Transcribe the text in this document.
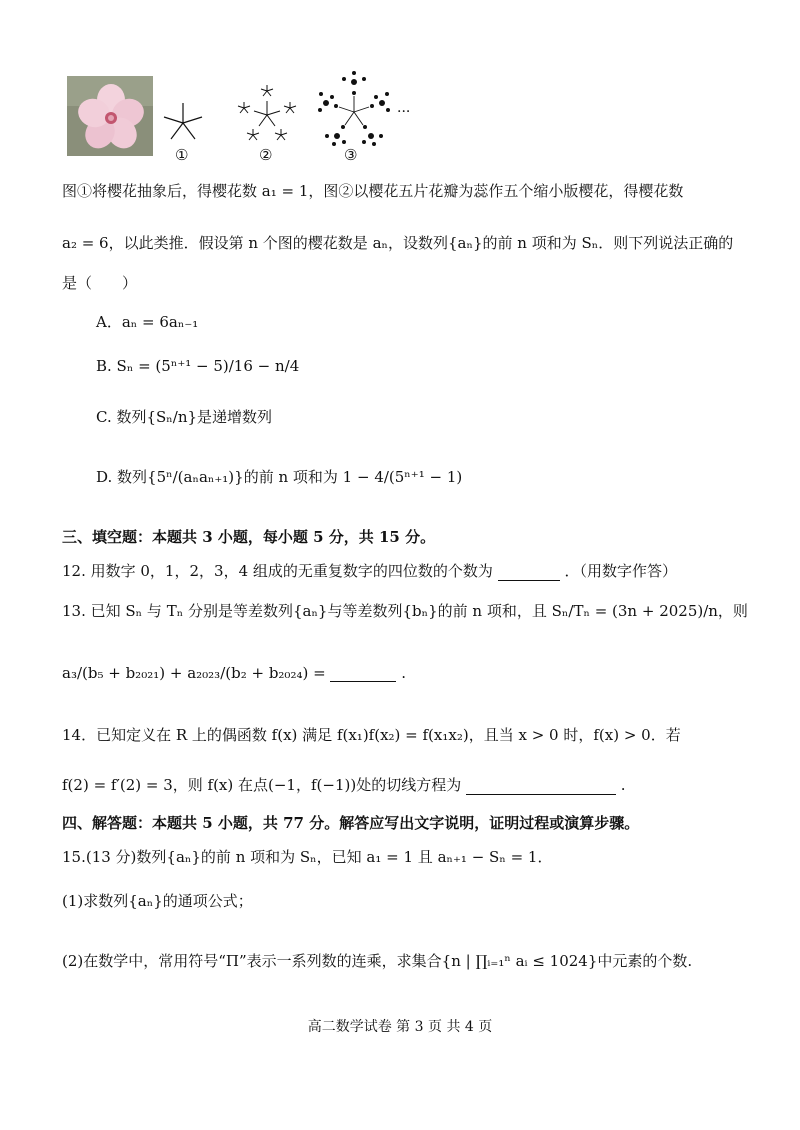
①	②	③
···
图①将樱花抽象后，得樱花数 a₁ = 1，图②以樱花五片花瓣为蕊作五个缩小版樱花，得樱花数
a₂ = 6，以此类推．假设第 n 个图的樱花数是 aₙ，设数列{aₙ}的前 n 项和为 Sₙ．则下列说法正确的
是（　　）
A．aₙ = 6aₙ₋₁
B. Sₙ = (5ⁿ⁺¹ − 5)/16 − n/4
C. 数列{Sₙ/n}是递增数列
D. 数列{5ⁿ/(aₙaₙ₊₁)}的前 n 项和为 1 − 4/(5ⁿ⁺¹ − 1)
三、填空题：本题共 3 小题，每小题 5 分，共 15 分。
12. 用数字 0，1，2，3，4 组成的无重复数字的四位数的个数为	．（用数字作答）
13. 已知 Sₙ 与 Tₙ 分别是等差数列{aₙ}与等差数列{bₙ}的前 n 项和，且 Sₙ/Tₙ = (3n + 2025)/n，则
a₃/(b₅ + b₂₀₂₁) + a₂₀₂₃/(b₂ + b₂₀₂₄) =	.
14．已知定义在 R 上的偶函数 f(x) 满足 f(x₁)f(x₂) = f(x₁x₂)，且当 x > 0 时，f(x) > 0．若
f(2) = f′(2) = 3，则 f(x) 在点(−1，f(−1))处的切线方程为	.
四、解答题：本题共 5 小题，共 77 分。解答应写出文字说明，证明过程或演算步骤。
15.(13 分)数列{aₙ}的前 n 项和为 Sₙ，已知 a₁ = 1 且 aₙ₊₁ − Sₙ = 1．
(1)求数列{aₙ}的通项公式；
(2)在数学中，常用符号“Π”表示一系列数的连乘，求集合{n | ∏ᵢ₌₁ⁿ aᵢ ≤ 1024}中元素的个数.
高二数学试卷 第 3 页 共 4 页
